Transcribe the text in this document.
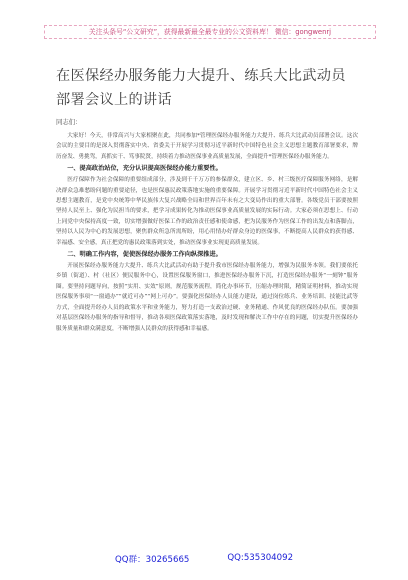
关注头条号“公文研究”，获得最新最全最专业的公文资料库！ 微信：gongwenrj
在医保经办服务能力大提升、练兵大比武动员部署会议上的讲话
同志们：

大家好！今天，非常高兴与大家相聚在此，共同参加*管理医保经办服务能力大提升、练兵大比武动员部署会议。这次会议的主要目的是深入贯彻落实中央、省委关于开展学习贯彻习近平新时代中国特色社会主义思想主题教育部署要求，牌历奋发、勇挑驾，真抓实干、笃事院贤，持续着力推动医保事业高质量发展，全面提升*管理医保经办服务能力。

一、提高政治站位，充分认识提高医保经办能力重要性。

医疗保障作为社会保障的重要组成部分，涉及到千千万万的参保群众，建立区、乡、村三级医疗保障服务网络，是解决群众急难愁盼问题的重要途径，也是医保惠民政策落地实施的重要保障。开展学习贯彻习近平新时代中国特色社会主义思想主题教育，是党中央统筹中华民族伟大复兴战略全局和世界百年未有之大变局作出的重大部署。各级党员干部要按照坚持人民至上、强化为民担当的要求，把学习成果转化为推动医保事业高质量发展的实际行动。大家必须在思想上、行动上同党中央保持高度一致，切实增强做好医保工作的政治责任感和使命感，把为民服务作为医保工作的出发点和落脚点，坚持以人民为中心的发展思想，聚焦群众所急所需所盼，用心用情办好群众身边的医保事，不断提高人民群众的获得感、幸福感、安全感，真正把党的惠民政策落到实处，推动医保事业实现更高质量发展。

二、明确工作内容，促使医保经办服务工作向纵深推进。

开展医保经办服务能力大提升、练兵大比武活动有助于提升我市医保经办服务能力，增强为民服务本领。我们要依托乡镇（街道）、村（社区）便民服务中心，设置医保服务窗口，推进医保经办服务下沉，打造医保经办服务“一刻钟”服务圈。要坚持问题导向，按照“实用、实效”原则，规范服务流程，简化办事环节，压缩办理时限，精简证明材料，推动实现医保服务事项“一窗通办”“就近可办”“网上可办”。要强化医保经办人员能力建设，通过岗位练兵、业务培训、技能比武等方式，全面提升经办人员的政策水平和业务能力，努力打造一支政治过硬、业务精通、作风优良的医保经办队伍。要加强对基层医保经办服务的指导和督导，推动各项医保政策落实落地，及时发现和解决工作中存在的问题，切实提升医保经办服务质量和群众满意度，不断增强人民群众的获得感和幸福感。

QQ群：30265665	QQ:535304092
